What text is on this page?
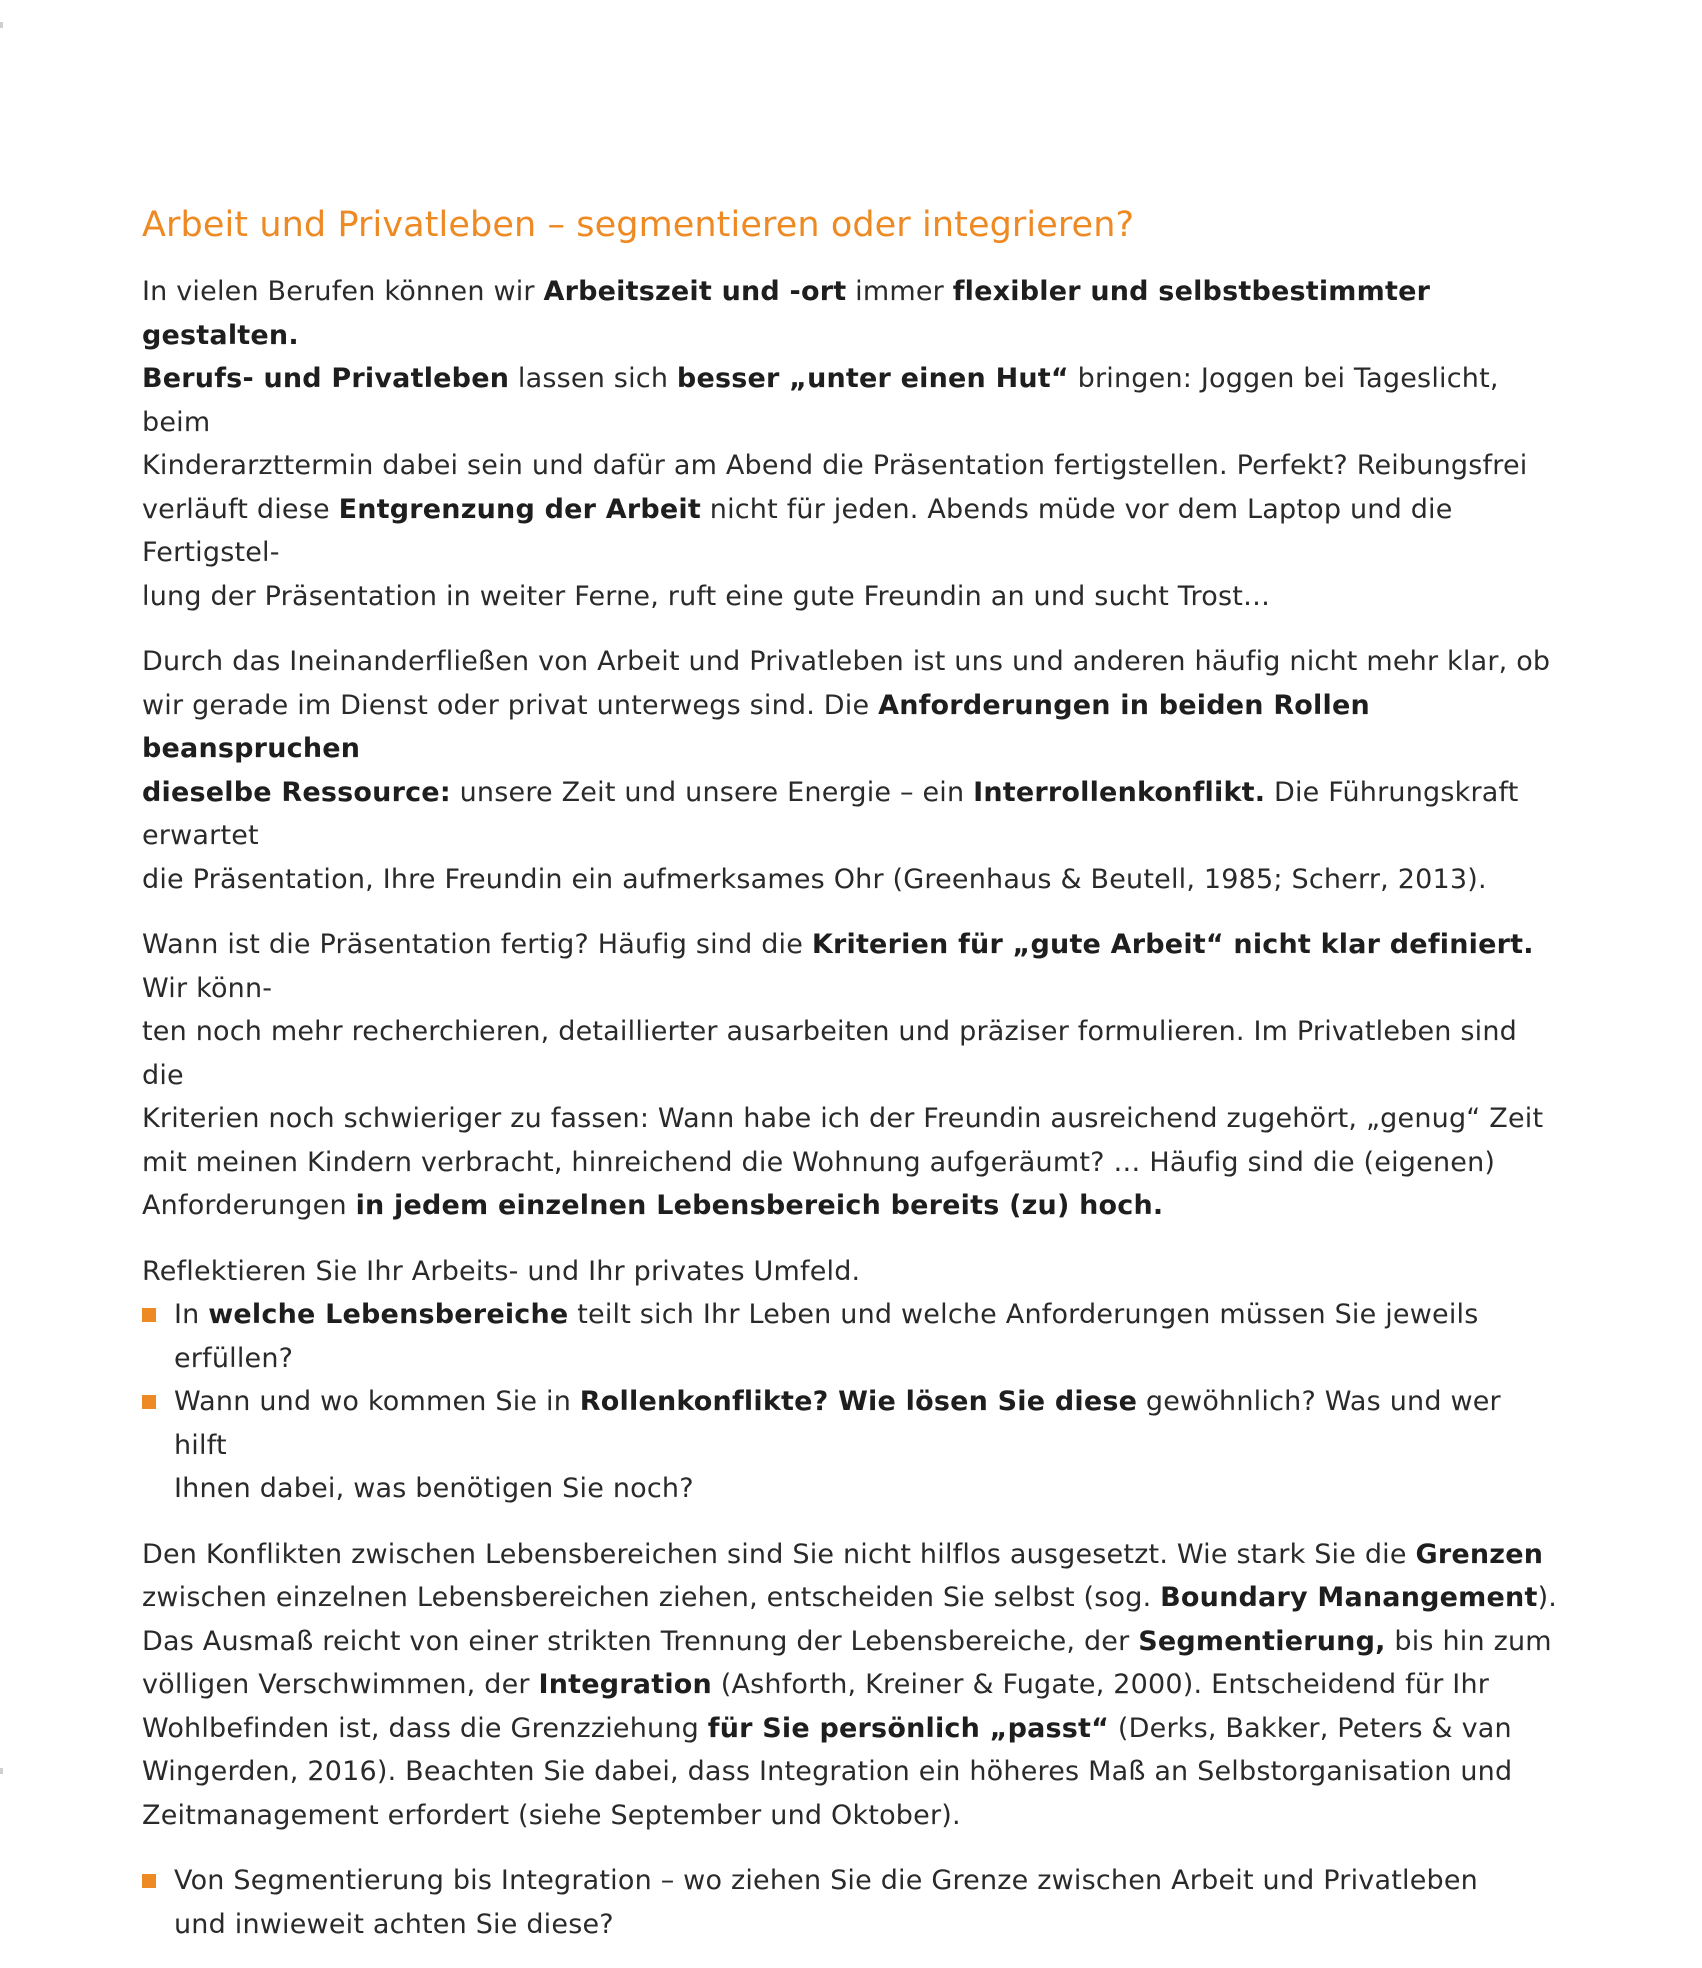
Arbeit und Privatleben – segmentieren oder integrieren?

In vielen Berufen können wir Arbeitszeit und -ort immer flexibler und selbstbestimmter gestalten.
Berufs- und Privatleben lassen sich besser „unter einen Hut“ bringen: Joggen bei Tageslicht, beim
Kinderarzttermin dabei sein und dafür am Abend die Präsentation fertigstellen. Perfekt? Reibungsfrei
verläuft diese Entgrenzung der Arbeit nicht für jeden. Abends müde vor dem Laptop und die Fertigstel-
lung der Präsentation in weiter Ferne, ruft eine gute Freundin an und sucht Trost…

Durch das Ineinanderfließen von Arbeit und Privatleben ist uns und anderen häufig nicht mehr klar, ob
wir gerade im Dienst oder privat unterwegs sind. Die Anforderungen in beiden Rollen beanspruchen
dieselbe Ressource: unsere Zeit und unsere Energie – ein Interrollenkonflikt. Die Führungskraft erwartet
die Präsentation, Ihre Freundin ein aufmerksames Ohr (Greenhaus & Beutell, 1985; Scherr, 2013).

Wann ist die Präsentation fertig? Häufig sind die Kriterien für „gute Arbeit“ nicht klar definiert. Wir könn-
ten noch mehr recherchieren, detaillierter ausarbeiten und präziser formulieren. Im Privatleben sind die
Kriterien noch schwieriger zu fassen: Wann habe ich der Freundin ausreichend zugehört, „genug“ Zeit
mit meinen Kindern verbracht, hinreichend die Wohnung aufgeräumt? … Häufig sind die (eigenen)
Anforderungen in jedem einzelnen Lebensbereich bereits (zu) hoch.

Reflektieren Sie Ihr Arbeits- und Ihr privates Umfeld.

In welche Lebensbereiche teilt sich Ihr Leben und welche Anforderungen müssen Sie jeweils erfüllen?
Wann und wo kommen Sie in Rollenkonflikte? Wie lösen Sie diese gewöhnlich? Was und wer hilft
Ihnen dabei, was benötigen Sie noch?

Den Konflikten zwischen Lebensbereichen sind Sie nicht hilflos ausgesetzt. Wie stark Sie die Grenzen
zwischen einzelnen Lebensbereichen ziehen, entscheiden Sie selbst (sog. Boundary Manangement).
Das Ausmaß reicht von einer strikten Trennung der Lebensbereiche, der Segmentierung, bis hin zum
völligen Verschwimmen, der Integration (Ashforth, Kreiner & Fugate, 2000). Entscheidend für Ihr
Wohlbefinden ist, dass die Grenzziehung für Sie persönlich „passt“ (Derks, Bakker, Peters & van
Wingerden, 2016). Beachten Sie dabei, dass Integration ein höheres Maß an Selbstorganisation und
Zeitmanagement erfordert (siehe September und Oktober).

Von Segmentierung bis Integration – wo ziehen Sie die Grenze zwischen Arbeit und Privatleben
und inwieweit achten Sie diese?
